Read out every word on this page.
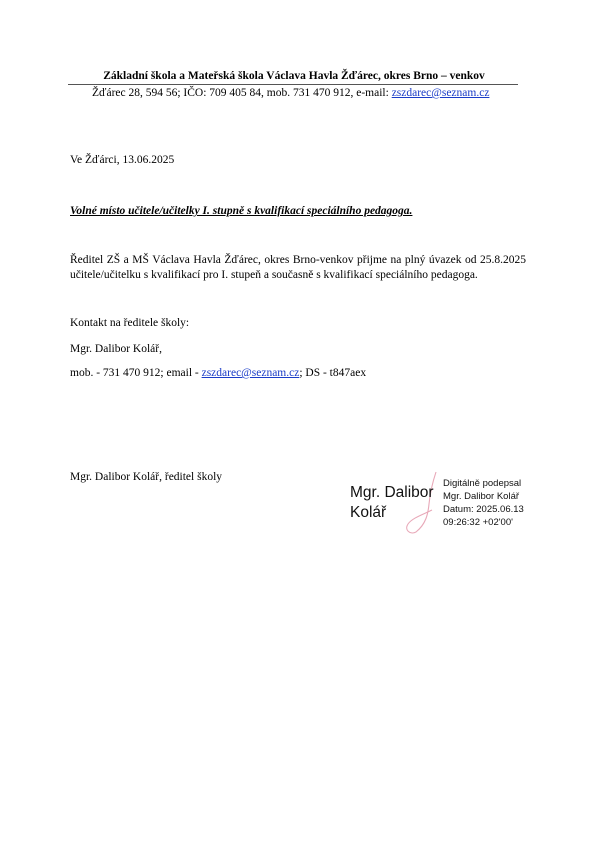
Základní škola a Mateřská škola Václava Havla Žďárec, okres Brno – venkov
Žďárec 28, 594 56; IČO: 709 405 84, mob. 731 470 912, e-mail: zszdarec@seznam.cz
Ve Žďárci, 13.06.2025
Volné místo učitele/učitelky I. stupně s kvalifikací speciálního pedagoga.
Ředitel ZŠ a MŠ Václava Havla Žďárec, okres Brno-venkov přijme na plný úvazek od 25.8.2025 učitele/učitelku s kvalifikací pro I. stupeň a současně s kvalifikací speciálního pedagoga.
Kontakt na ředitele školy:
Mgr. Dalibor Kolář,
mob. - 731 470 912; email - zszdarec@seznam.cz; DS - t847aex
Mgr. Dalibor Kolář, ředitel školy
Mgr. Dalibor
Kolář
Digitálně podepsal
Mgr. Dalibor Kolář
Datum: 2025.06.13
09:26:32 +02'00'
